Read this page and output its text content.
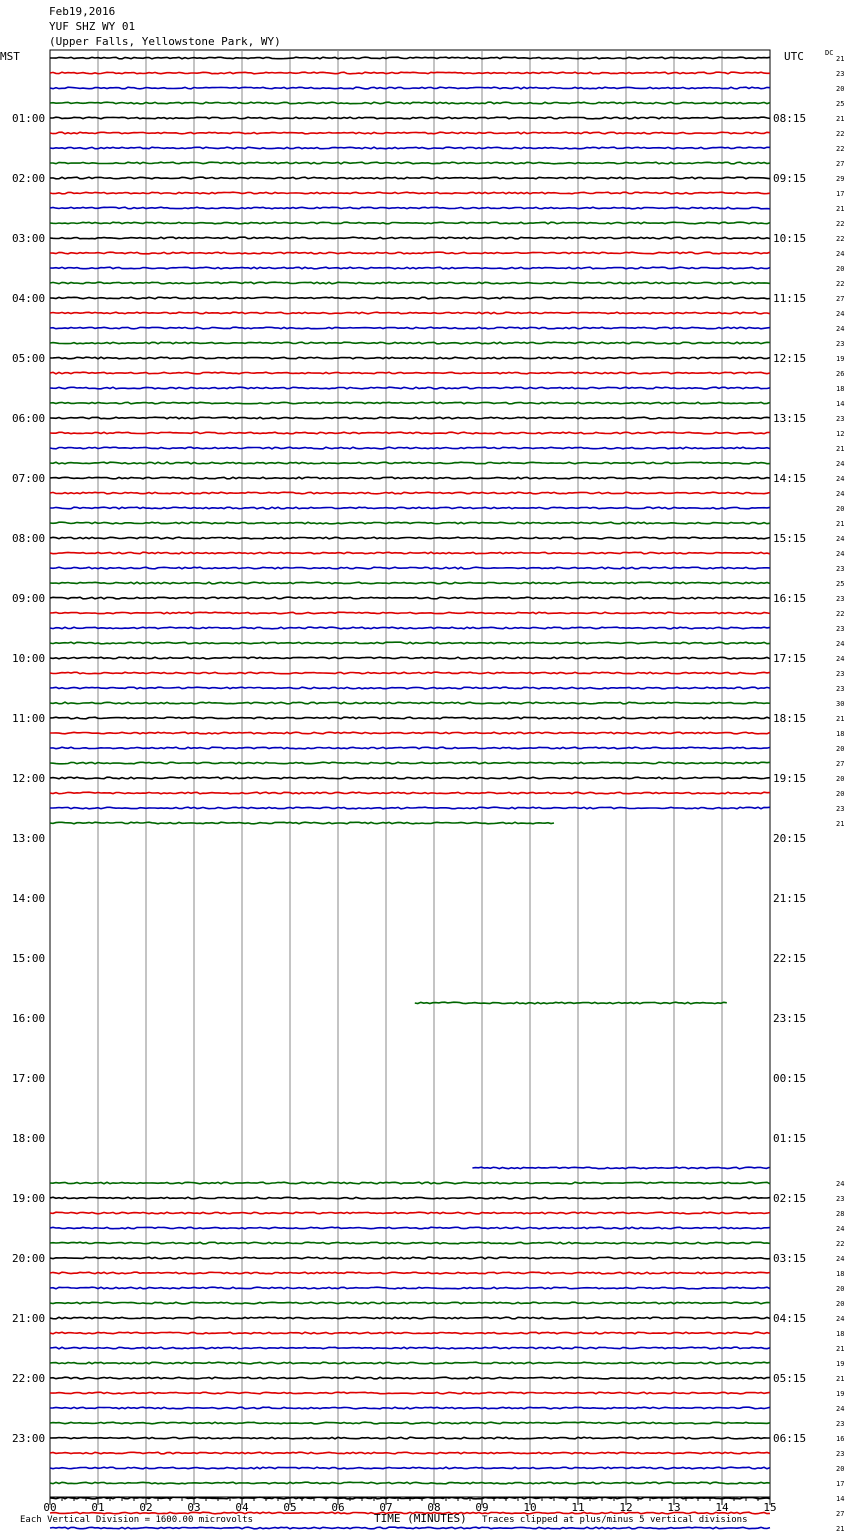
Feb19,2016
YUF SHZ WY 01
(Upper Falls, Yellowstone Park, WY)
MST	UTC	DC
21
23
20
25
21
22
22
27
29
17
21
22
22
24
20
22
27
24
24
23
19
26
18
14
23
12
21
24
24
24
20
21
24
24
23
25
23
22
23
24
24
23
23
30
21
18
20
27
20
20
23
21
24
23
28
24
22
24
18
20
20
24
18
21
19
21
19
24
23
16
23
20
17
14
27
21
01:00	08:15
02:00	09:15
03:00	10:15
04:00	11:15
05:00	12:15
06:00	13:15
07:00	14:15
08:00	15:15
09:00	16:15
10:00	17:15
11:00	18:15
12:00	19:15
13:00	20:15
14:00	21:15
15:00	22:15
16:00	23:15
17:00	00:15
18:00	01:15
19:00	02:15
20:00	03:15
21:00	04:15
22:00	05:15
23:00	06:15
00	01	02	03	04	05	06	07	08	09	10	11	12	13	14	15
Each Vertical Division = 1600.00 microvolts	TIME (MINUTES) Traces clipped at plus/minus 5 vertical divisions
